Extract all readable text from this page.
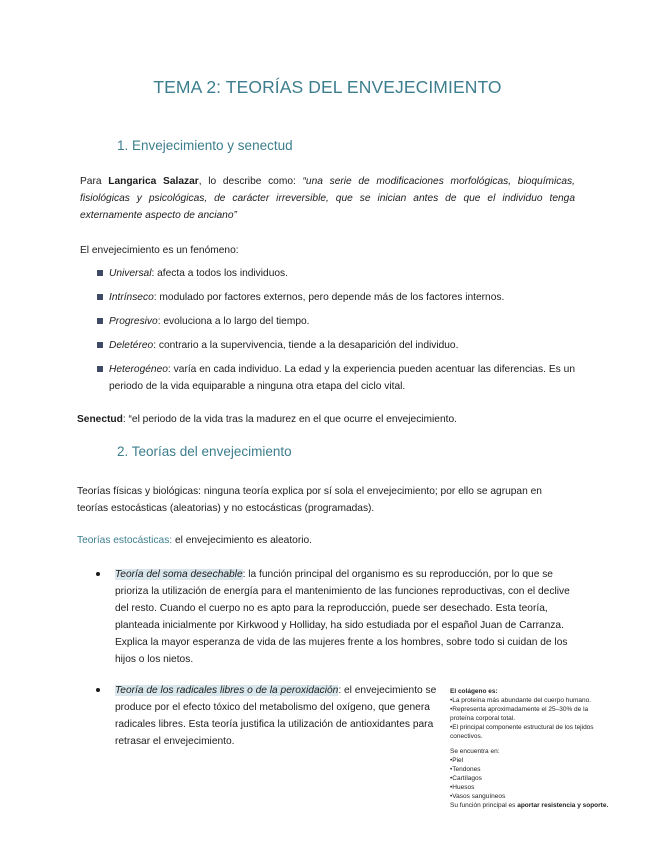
TEMA 2: TEORÍAS DEL ENVEJECIMIENTO
1. Envejecimiento y senectud
Para Langarica Salazar, lo describe como: “una serie de modificaciones morfológicas, bioquímicas, fisiológicas y psicológicas, de carácter irreversible, que se inician antes de que el individuo tenga externamente aspecto de anciano”
El envejecimiento es un fenómeno:
Universal: afecta a todos los individuos.
Intrínseco: modulado por factores externos, pero depende más de los factores internos.
Progresivo: evoluciona a lo largo del tiempo.
Deletéreo: contrario a la supervivencia, tiende a la desaparición del individuo.
Heterogéneo: varía en cada individuo. La edad y la experiencia pueden acentuar las diferencias. Es un periodo de la vida equiparable a ninguna otra etapa del ciclo vital.
Senectud: “el periodo de la vida tras la madurez en el que ocurre el envejecimiento.
2. Teorías del envejecimiento
Teorías físicas y biológicas: ninguna teoría explica por sí sola el envejecimiento; por ello se agrupan en teorías estocásticas (aleatorias) y no estocásticas (programadas).
Teorías estocásticas: el envejecimiento es aleatorio.
Teoría del soma desechable: la función principal del organismo es su reproducción, por lo que se prioriza la utilización de energía para el mantenimiento de las funciones reproductivas, con el declive del resto. Cuando el cuerpo no es apto para la reproducción, puede ser desechado. Esta teoría, planteada inicialmente por Kirkwood y Holliday, ha sido estudiada por el español Juan de Carranza. Explica la mayor esperanza de vida de las mujeres frente a los hombres, sobre todo si cuidan de los hijos o los nietos.
Teoría de los radicales libres o de la peroxidación: el envejecimiento se produce por el efecto tóxico del metabolismo del oxígeno, que genera radicales libres. Esta teoría justifica la utilización de antioxidantes para retrasar el envejecimiento.
El colágeno es:
•La proteína más abundante del cuerpo humano.
•Representa aproximadamente el 25–30% de la
proteína corporal total.
•El principal componente estructural de los tejidos
conectivos.
Se encuentra en:
•Piel
•Tendones
•Cartílagos
•Huesos
•Vasos sanguíneos
Su función principal es aportar resistencia y soporte.
